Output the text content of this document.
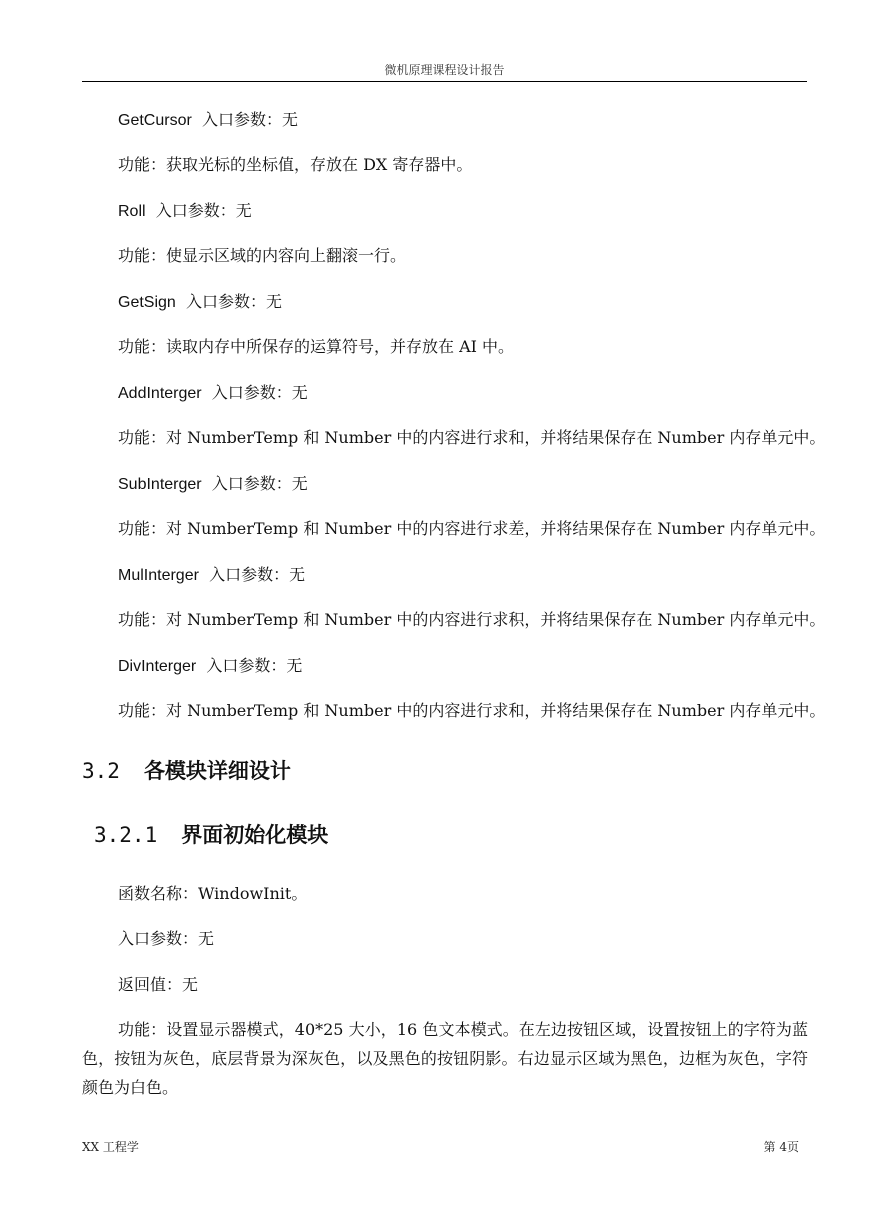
微机原理课程设计报告
GetCursor 入口参数：无
功能：获取光标的坐标值，存放在 DX 寄存器中。
Roll 入口参数：无
功能：使显示区域的内容向上翻滚一行。
GetSign 入口参数：无
功能：读取内存中所保存的运算符号，并存放在 AI 中。
AddInterger 入口参数：无
功能：对 NumberTemp 和 Number 中的内容进行求和，并将结果保存在 Number 内存单元中。
SubInterger 入口参数：无
功能：对 NumberTemp 和 Number 中的内容进行求差，并将结果保存在 Number 内存单元中。
MulInterger 入口参数：无
功能：对 NumberTemp 和 Number 中的内容进行求积，并将结果保存在 Number 内存单元中。
DivInterger 入口参数：无
功能：对 NumberTemp 和 Number 中的内容进行求和，并将结果保存在 Number 内存单元中。
3.2 各模块详细设计
3.2.1 界面初始化模块
函数名称：WindowInit。
入口参数：无
返回值：无
功能：设置显示器模式，40*25 大小，16 色文本模式。在左边按钮区域，设置按钮上的字符为蓝色，按钮为灰色，底层背景为深灰色，以及黑色的按钮阴影。右边显示区域为黑色，边框为灰色，字符颜色为白色。
XX 工程学	第 4页
